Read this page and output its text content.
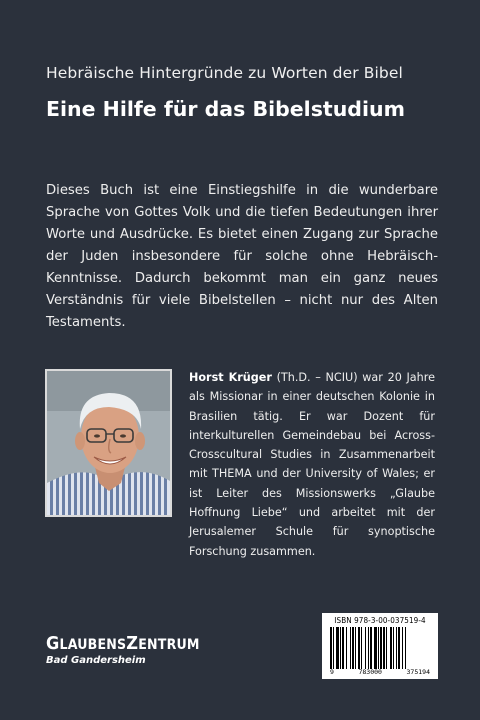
Hebräische Hintergründe zu Worten der Bibel
Eine Hilfe für das Bibelstudium

Dieses Buch ist eine Einstiegshilfe in die wunderbare Sprache von Gottes Volk und die tiefen Bedeutungen ihrer Worte und Ausdrücke. Es bietet einen Zugang zur Sprache der Juden insbesondere für solche ohne Hebräisch-Kenntnisse. Dadurch bekommt man ein ganz neues Verständnis für viele Bibelstellen – nicht nur des Alten Testaments.

Horst Krüger (Th.D. – NCIU) war 20 Jahre als Missionar in einer deutschen Kolonie in Brasilien tätig. Er war Dozent für interkulturellen Gemeindebau bei Across-Crosscultural Studies in Zusammenarbeit mit THEMA und der University of Wales; er ist Leiter des Missionswerks „Glaube Hoffnung Liebe“ und arbeitet mit der Jerusalemer Schule für synoptische Forschung zusammen.

GLAUBENSZENTRUM
Bad Gandersheim
ISBN 978-3-00-037519-4
9	783000	375194
